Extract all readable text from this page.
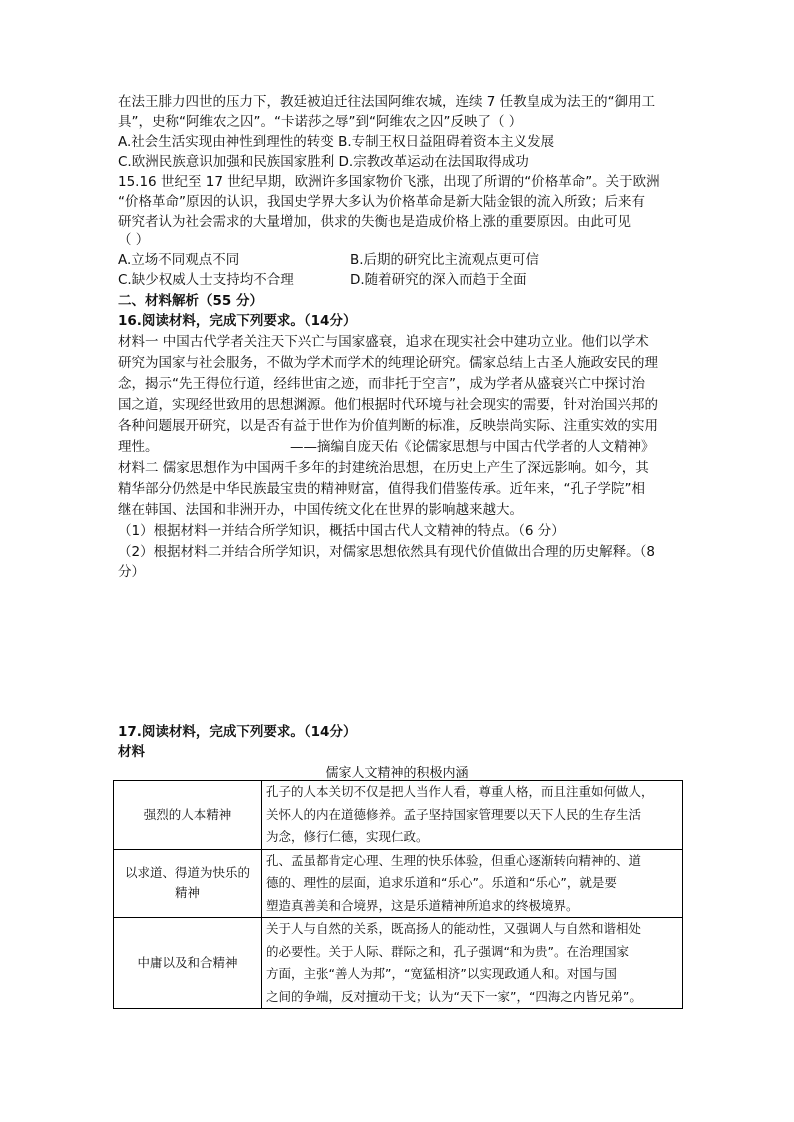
在法王腓力四世的压力下，教廷被迫迁往法国阿维农城，连续 7 任教皇成为法王的“御用工
具”，史称“阿维农之囚”。“卡诺莎之辱”到“阿维农之囚”反映了（ ）
A.社会生活实现由神性到理性的转变 B.专制王权日益阻碍着资本主义发展
C.欧洲民族意识加强和民族国家胜利 D.宗教改革运动在法国取得成功
15.16 世纪至 17 世纪早期，欧洲许多国家物价飞涨，出现了所谓的“价格革命”。关于欧洲
“价格革命”原因的认识，我国史学界大多认为价格革命是新大陆金银的流入所致；后来有
研究者认为社会需求的大量增加，供求的失衡也是造成价格上涨的重要原因。由此可见
（ ）
A.立场不同观点不同	B.后期的研究比主流观点更可信
C.缺少权威人士支持均不合理	D.随着研究的深入而趋于全面
二、材料解析（55 分）
16.阅读材料，完成下列要求。（14分）
材料一 中国古代学者关注天下兴亡与国家盛衰，追求在现实社会中建功立业。他们以学术
研究为国家与社会服务，不做为学术而学术的纯理论研究。儒家总结上古圣人施政安民的理
念，揭示“先王得位行道，经纬世宙之迹，而非托于空言”，成为学者从盛衰兴亡中探讨治
国之道，实现经世致用的思想渊源。他们根据时代环境与社会现实的需要，针对治国兴邦的
各种问题展开研究，以是否有益于世作为价值判断的标准，反映崇尚实际、注重实效的实用
理性。	——摘编自庞天佑《论儒家思想与中国古代学者的人文精神》
材料二 儒家思想作为中国两千多年的封建统治思想，在历史上产生了深远影响。如今，其
精华部分仍然是中华民族最宝贵的精神财富，值得我们借鉴传承。近年来，“孔子学院”相
继在韩国、法国和非洲开办，中国传统文化在世界的影响越来越大。
（1）根据材料一并结合所学知识，概括中国古代人文精神的特点。（6 分）
（2）根据材料二并结合所学知识，对儒家思想依然具有现代价值做出合理的历史解释。（8
分）
17.阅读材料，完成下列要求。（14分）
材料
儒家人文精神的积极内涵
强烈的人本精神	孔子的人本关切不仅是把人当作人看，尊重人格，而且注重如何做人，
关怀人的内在道德修养。孟子坚持国家管理要以天下人民的生存生活
为念，修行仁德，实现仁政。

以求道、得道为快乐的
精神	孔、孟虽都肯定心理、生理的快乐体验，但重心逐渐转向精神的、道
德的、理性的层面，追求乐道和“乐心”。乐道和“乐心”，就是要
塑造真善美和合境界，这是乐道精神所追求的终极境界。

中庸以及和合精神	关于人与自然的关系，既高扬人的能动性，又强调人与自然和谐相处
的必要性。关于人际、群际之和，孔子强调“和为贵”。在治理国家
方面，主张“善人为邦”，“宽猛相济”以实现政通人和。对国与国
之间的争端，反对擅动干戈；认为“天下一家”，“四海之内皆兄弟”。
